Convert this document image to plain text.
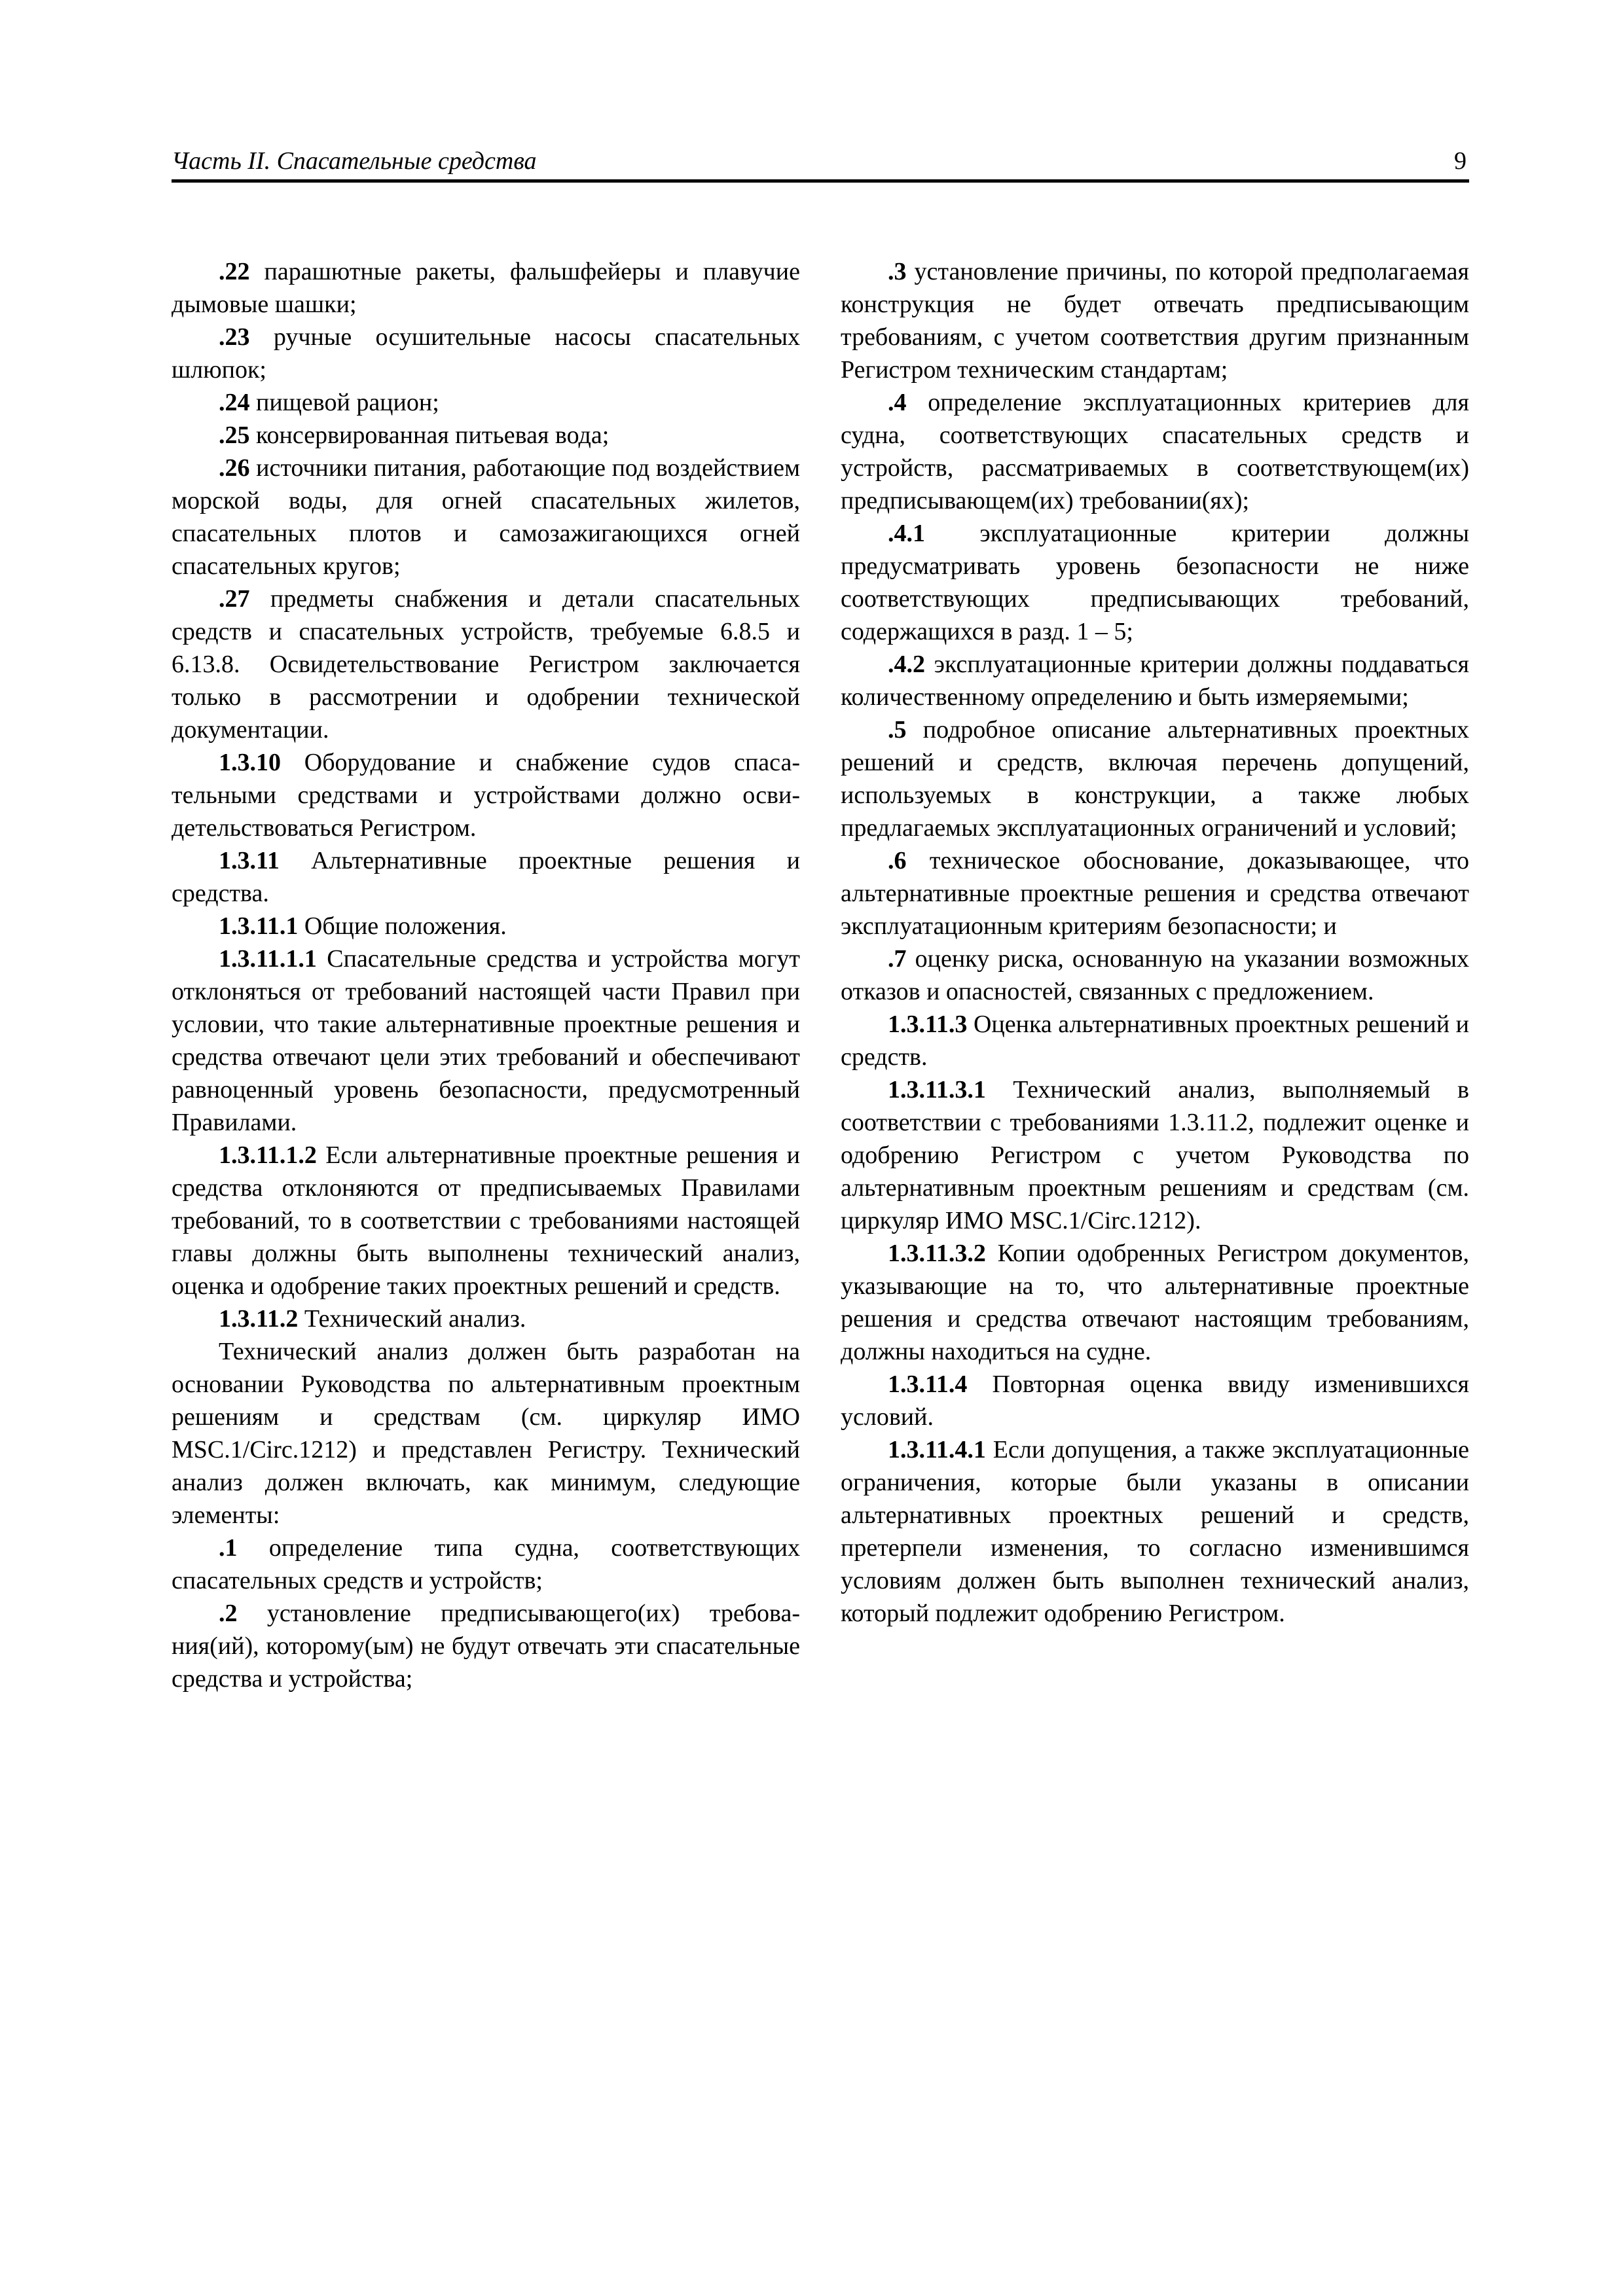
Часть II. Спасательные средства	9

.22 парашютные ракеты, фальшфейеры и плавучие дымовые шашки;

.23 ручные осушительные насосы спасательных шлюпок;

.24 пищевой рацион;

.25 консервированная питьевая вода;

.26 источники питания, работающие под воздействием морской воды, для огней спасательных жилетов, спасательных плотов и самозажигающихся огней спасательных кругов;

.27 предметы снабжения и детали спасательных средств и спасательных устройств, требуемые 6.8.5 и 6.13.8. Освидетельствование Регистром заключается только в рассмотрении и одобрении технической документации.

1.3.10 Оборудование и снабжение судов спасательными средствами и устройствами должно освидетельствоваться Регистром.

1.3.11 Альтернативные проектные решения и средства.

1.3.11.1 Общие положения.

1.3.11.1.1 Спасательные средства и устройства могут отклоняться от требований настоящей части Правил при условии, что такие альтернативные проектные решения и средства отвечают цели этих требований и обеспечивают равноценный уровень безопасности, предусмотренный Правилами.

1.3.11.1.2 Если альтернативные проектные решения и средства отклоняются от предписываемых Правилами требований, то в соответствии с требованиями настоящей главы должны быть выполнены технический анализ, оценка и одобрение таких проектных решений и средств.

1.3.11.2 Технический анализ.

Технический анализ должен быть разработан на основании Руководства по альтернативным проектным решениям и средствам (см. циркуляр ИМО MSC.1/Circ.1212) и представлен Регистру. Технический анализ должен включать, как минимум, следующие элементы:

.1 определение типа судна, соответствующих спасательных средств и устройств;

.2 установление предписывающего(их) требования(ий), которому(ым) не будут отвечать эти спасательные средства и устройства;

.3 установление причины, по которой предполагаемая конструкция не будет отвечать предписывающим требованиям, с учетом соответствия другим признанным Регистром техническим стандартам;

.4 определение эксплуатационных критериев для судна, соответствующих спасательных средств и устройств, рассматриваемых в соответствующем(их) предписывающем(их) требовании(ях);

.4.1 эксплуатационные критерии должны предусматривать уровень безопасности не ниже соответствующих предписывающих требований, содержащихся в разд. 1 – 5;

.4.2 эксплуатационные критерии должны поддаваться количественному определению и быть измеряемыми;

.5 подробное описание альтернативных проектных решений и средств, включая перечень допущений, используемых в конструкции, а также любых предлагаемых эксплуатационных ограничений и условий;

.6 техническое обоснование, доказывающее, что альтернативные проектные решения и средства отвечают эксплуатационным критериям безопасности; и

.7 оценку риска, основанную на указании возможных отказов и опасностей, связанных с предложением.

1.3.11.3 Оценка альтернативных проектных решений и средств.

1.3.11.3.1 Технический анализ, выполняемый в соответствии с требованиями 1.3.11.2, подлежит оценке и одобрению Регистром с учетом Руководства по альтернативным проектным решениям и средствам (см. циркуляр ИМО MSC.1/Circ.1212).

1.3.11.3.2 Копии одобренных Регистром документов, указывающие на то, что альтернативные проектные решения и средства отвечают настоящим требованиям, должны находиться на судне.

1.3.11.4 Повторная оценка ввиду изменившихся условий.

1.3.11.4.1 Если допущения, а также эксплуатационные ограничения, которые были указаны в описании альтернативных проектных решений и средств, претерпели изменения, то согласно изменившимся условиям должен быть выполнен технический анализ, который подлежит одобрению Регистром.
